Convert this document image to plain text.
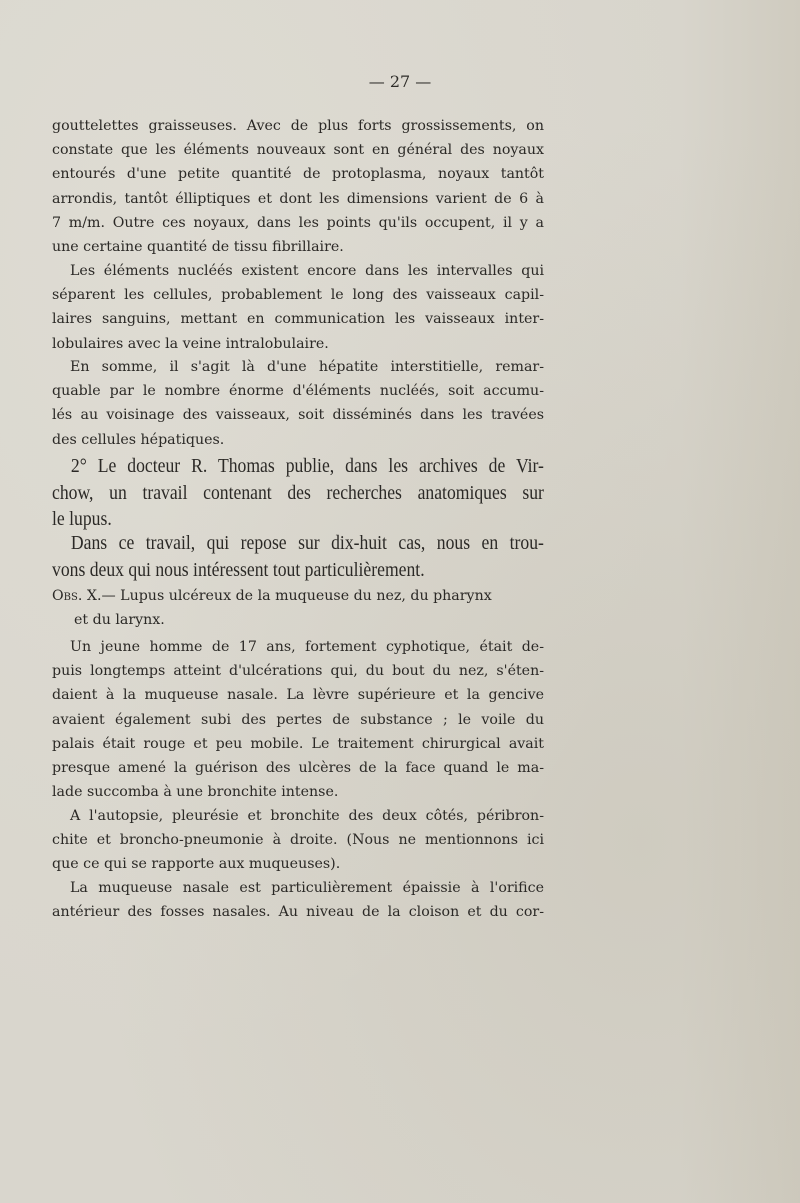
— 27 —
gouttelettes graisseuses. Avec de plus forts grossissements, on
constate que les éléments nouveaux sont en général des noyaux
entourés d'une petite quantité de protoplasma, noyaux tantôt
arrondis, tantôt élliptiques et dont les dimensions varient de 6 à
7 m/m. Outre ces noyaux, dans les points qu'ils occupent, il y a
une certaine quantité de tissu fibrillaire.
Les éléments nucléés existent encore dans les intervalles qui
séparent les cellules, probablement le long des vaisseaux capil-
laires sanguins, mettant en communication les vaisseaux inter-
lobulaires avec la veine intralobulaire.
En somme, il s'agit là d'une hépatite interstitielle, remar-
quable par le nombre énorme d'éléments nucléés, soit accumu-
lés au voisinage des vaisseaux, soit disséminés dans les travées
des cellules hépatiques.
2° Le docteur R. Thomas publie, dans les archives de Vir-
chow, un travail contenant des recherches anatomiques sur
le lupus.
Dans ce travail, qui repose sur dix-huit cas, nous en trou-
vons deux qui nous intéressent tout particulièrement.
Obs. X.— Lupus ulcéreux de la muqueuse du nez, du pharynx
et du larynx.
Un jeune homme de 17 ans, fortement cyphotique, était de-
puis longtemps atteint d'ulcérations qui, du bout du nez, s'éten-
daient à la muqueuse nasale. La lèvre supérieure et la gencive
avaient également subi des pertes de substance ; le voile du
palais était rouge et peu mobile. Le traitement chirurgical avait
presque amené la guérison des ulcères de la face quand le ma-
lade succomba à une bronchite intense.
A l'autopsie, pleurésie et bronchite des deux côtés, péribron-
chite et broncho-pneumonie à droite. (Nous ne mentionnons ici
que ce qui se rapporte aux muqueuses).
La muqueuse nasale est particulièrement épaissie à l'orifice
antérieur des fosses nasales. Au niveau de la cloison et du cor-
